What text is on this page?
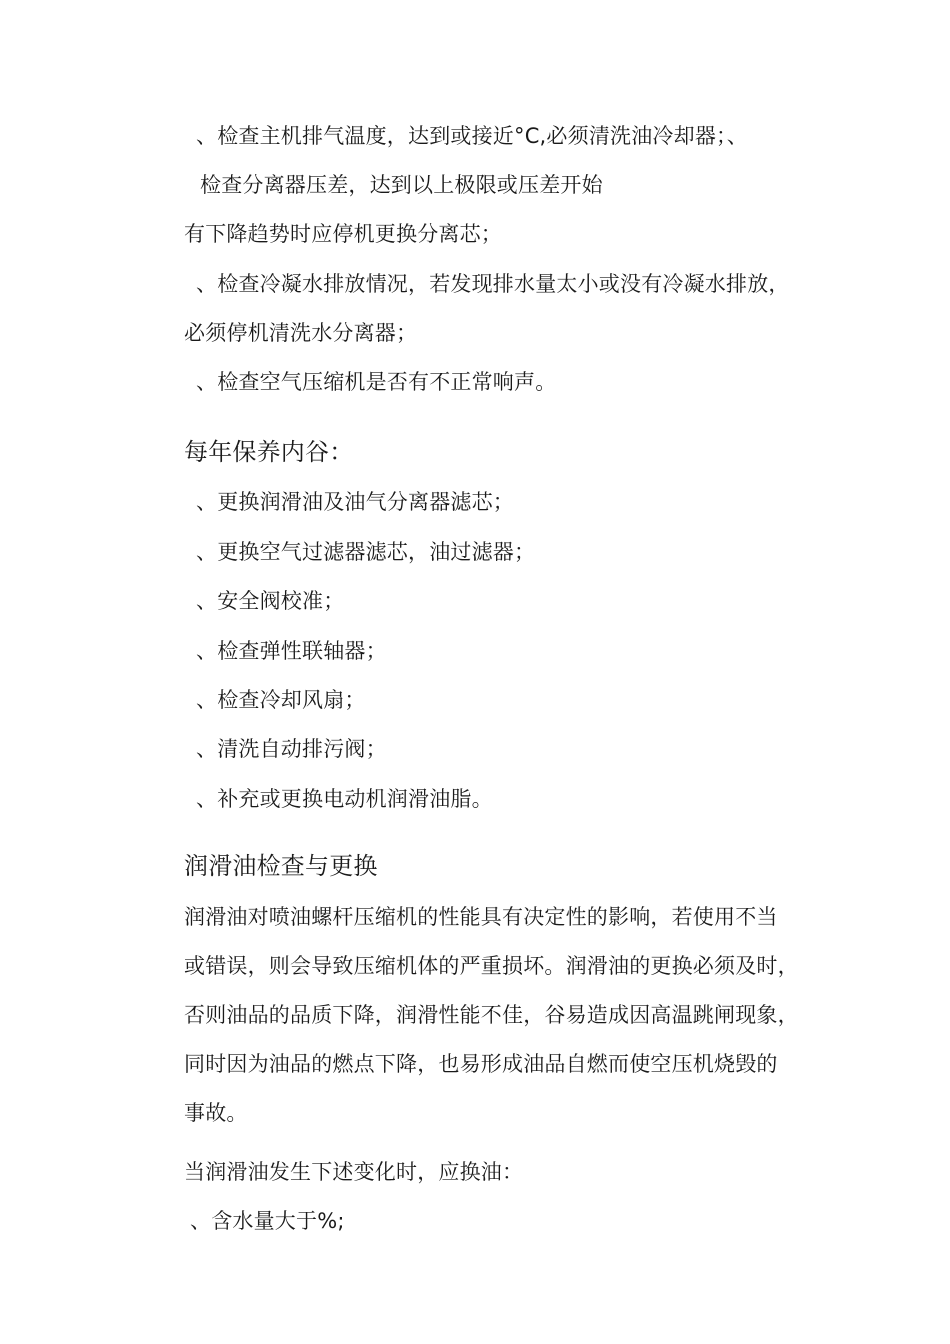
、检查主机排气温度，达到或接近°C,必须清洗油冷却器；、
检查分离器压差，达到以上极限或压差开始
有下降趋势时应停机更换分离芯；
、检查冷凝水排放情况，若发现排水量太小或没有冷凝水排放，
必须停机清洗水分离器；
、检查空气压缩机是否有不正常响声。
每年保养内谷：
、更换润滑油及油气分离器滤芯；
、更换空气过滤器滤芯，油过滤器；
、安全阀校准；
、检查弹性联轴器；
、检查冷却风扇；
、清洗自动排污阀；
、补充或更换电动机润滑油脂。
润滑油检查与更换
润滑油对喷油螺杆压缩机的性能具有决定性的影响，若使用不当
或错误，则会导致压缩机体的严重损坏。润滑油的更换必须及时，
否则油品的品质下降，润滑性能不佳，谷易造成因高温跳闸现象，
同时因为油品的燃点下降，也易形成油品自燃而使空压机烧毁的
事故。
当润滑油发生下述变化时，应换油：
、含水量大于%;
